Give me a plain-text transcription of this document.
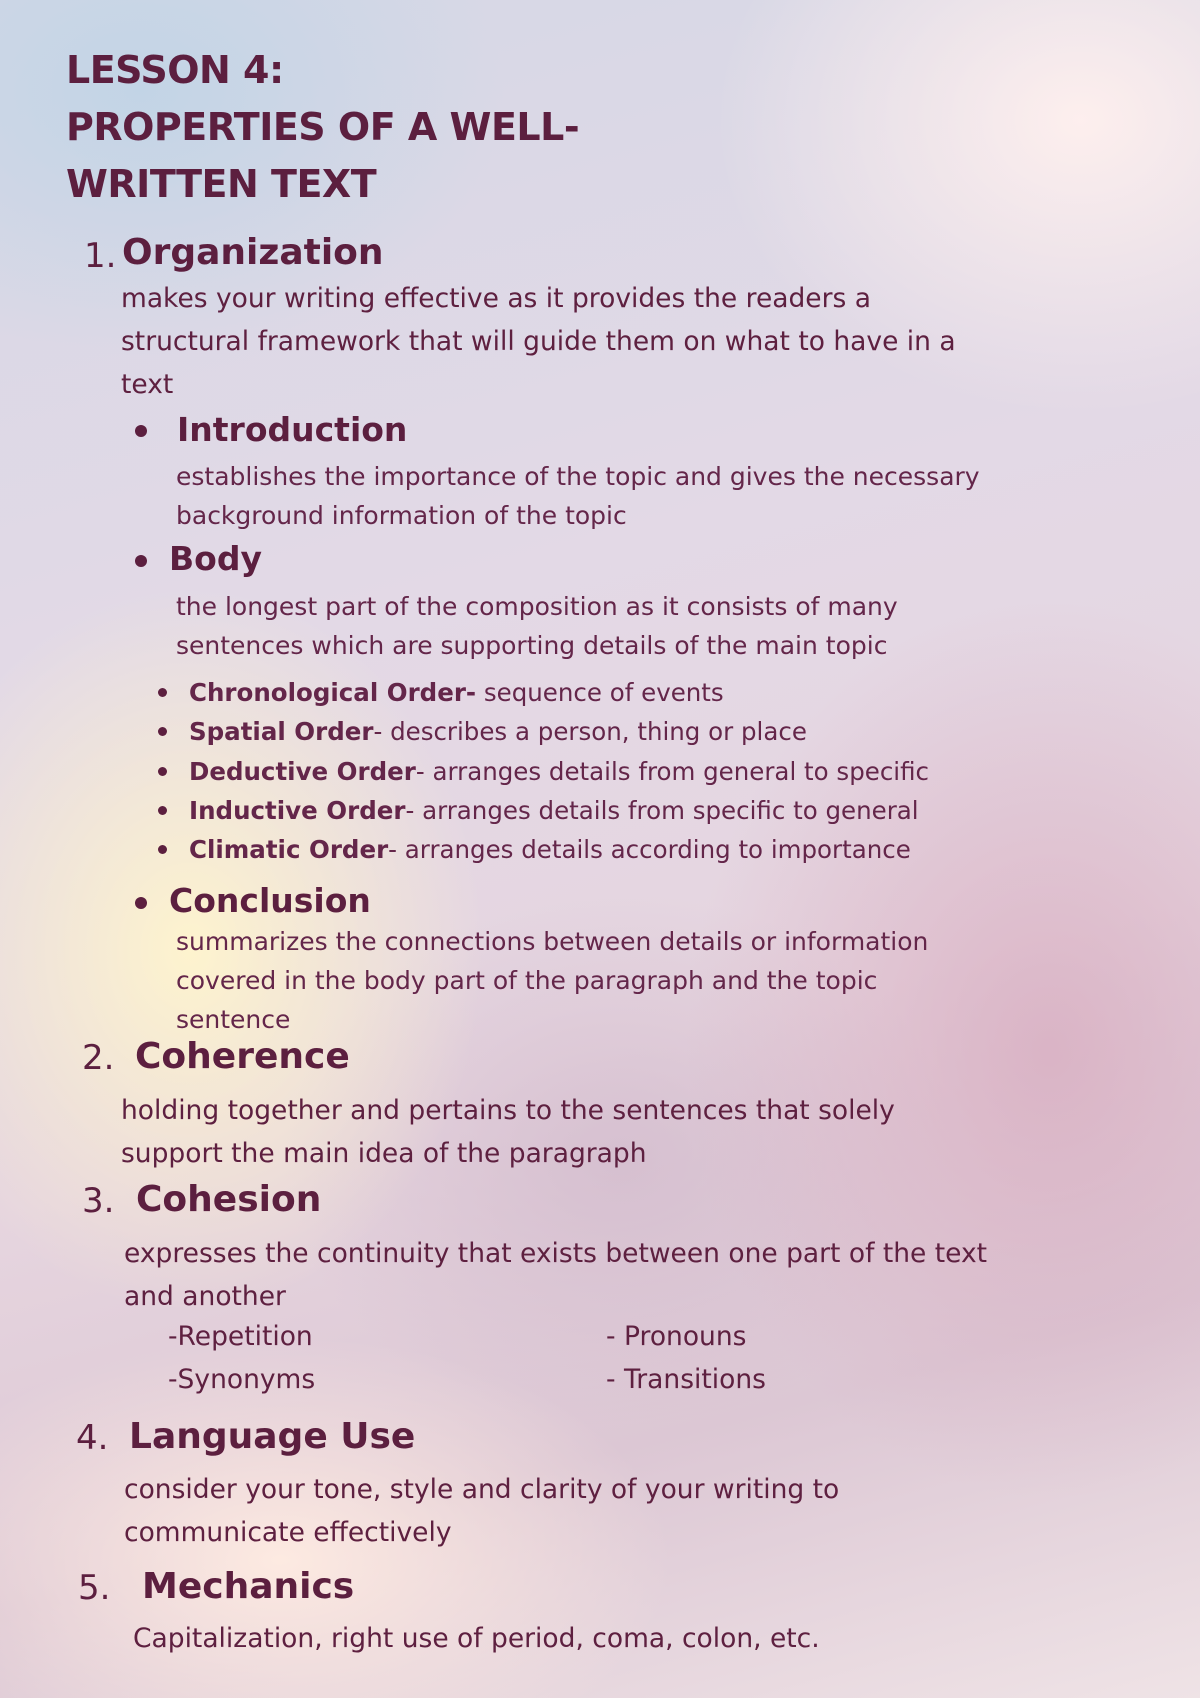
LESSON 4:
PROPERTIES OF A WELL-
WRITTEN TEXT
1. Organization
makes your writing effective as it provides the readers a
structural framework that will guide them on what to have in a
text
Introduction
establishes the importance of the topic and gives the necessary
background information of the topic
Body
the longest part of the composition as it consists of many
sentences which are supporting details of the main topic
Chronological Order- sequence of events
Spatial Order- describes a person, thing or place
Deductive Order- arranges details from general to specific
Inductive Order- arranges details from specific to general
Climatic Order- arranges details according to importance
Conclusion
summarizes the connections between details or information
covered in the body part of the paragraph and the topic
sentence
2. Coherence
holding together and pertains to the sentences that solely
support the main idea of the paragraph
3. Cohesion
expresses the continuity that exists between one part of the text
and another
-Repetition
-Synonyms
- Pronouns
- Transitions
4. Language Use
consider your tone, style and clarity of your writing to
communicate effectively
5. Mechanics
Capitalization, right use of period, coma, colon, etc.
